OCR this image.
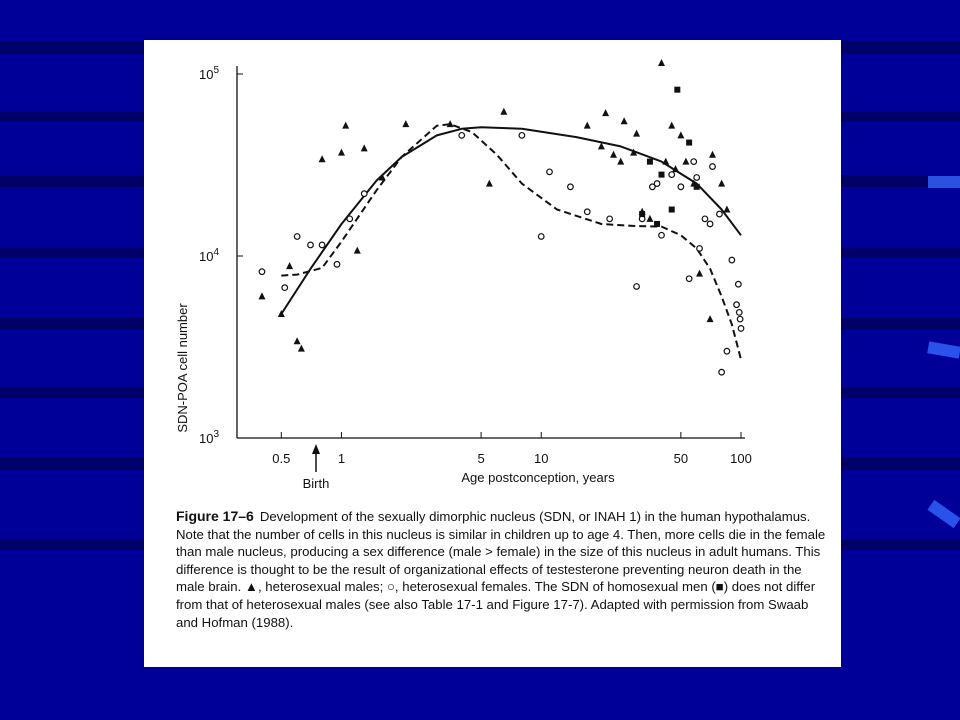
0.5	1	5	10	50	100
$10^3$
$10^4$
$10^5$
Age postconception, years
SDN-POA cell number
Birth
Figure 17–6 Development of the sexually dimorphic nucleus (SDN, or INAH 1) in the human hypothalamus. Note that the number of cells in this nucleus is similar in children up to age 4. Then, more cells die in the female than male nucleus, producing a sex difference (male > female) in the size of this nucleus in adult humans. This difference is thought to be the result of organizational effects of testesterone preventing neuron death in the male brain. ▲, heterosexual males; ○, heterosexual females. The SDN of homosexual men (■) does not differ from that of heterosexual males (see also Table 17-1 and Figure 17-7). Adapted with permission from Swaab and Hofman (1988).
